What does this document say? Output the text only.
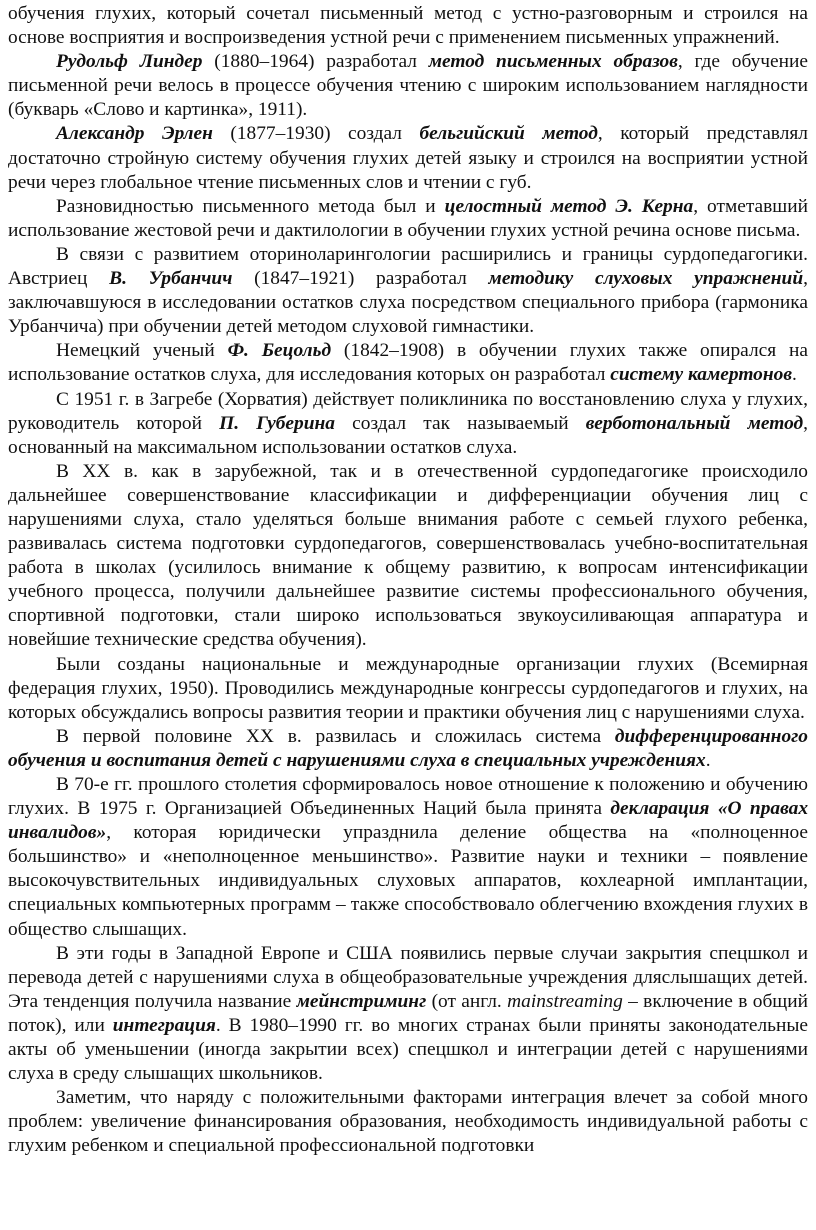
обучения глухих, который сочетал письменный метод с устно-разговорным и строился на основе восприятия и воспроизведения устной речи с применением письменных упражнений.

Рудольф Линдер (1880–1964) разработал метод письменных образов, где обучение письменной речи велось в процессе обучения чтению с широким использованием наглядности (букварь «Слово и картинка», 1911).

Александр Эрлен (1877–1930) создал бельгийский метод, который представлял достаточно стройную систему обучения глухих детей языку и строился на восприятии устной речи через глобальное чтение письменных слов и чтении с губ.

Разновидностью письменного метода был и целостный метод Э. Керна, отметавший использование жестовой речи и дактилологии в обучении глухих устной речина основе письма.

В связи с развитием оториноларингологии расширились и границы сурдопедагогики. Австриец В. Урбанчич (1847–1921) разработал методику слуховых упражнений, заключавшуюся в исследовании остатков слуха посредством специального прибора (гармоника Урбанчича) при обучении детей методом слуховой гимнастики.

Немецкий ученый Ф. Бецольд (1842–1908) в обучении глухих также опирался на использование остатков слуха, для исследования которых он разработал систему камертонов.

С 1951 г. в Загребе (Хорватия) действует поликлиника по восстановлению слуха у глухих, руководитель которой П. Губерина создал так называемый верботональный метод, основанный на максимальном использовании остатков слуха.

В XX в. как в зарубежной, так и в отечественной сурдопедагогике происходило дальнейшее совершенствование классификации и дифференциации обучения лиц с нарушениями слуха, стало уделяться больше внимания работе с семьей глухого ребенка, развивалась система подготовки сурдопедагогов, совершенствовалась учебно-воспитательная работа в школах (усилилось внимание к общему развитию, к вопросам интенсификации учебного процесса, получили дальнейшее развитие системы профессионального обучения, спортивной подготовки, стали широко использоваться звукоусиливающая аппаратура и новейшие технические средства обучения).

Были созданы национальные и международные организации глухих (Всемирная федерация глухих, 1950). Проводились международные конгрессы сурдопедагогов и глухих, на которых обсуждались вопросы развития теории и практики обучения лиц с нарушениями слуха.

В первой половине XX в. развилась и сложилась система дифференцированного обучения и воспитания детей с нарушениями слуха в специальных учреждениях.

В 70-е гг. прошлого столетия сформировалось новое отношение к положению и обучению глухих. В 1975 г. Организацией Объединенных Наций была принята декларация «О правах инвалидов», которая юридически упразднила деление общества на «полноценное большинство» и «неполноценное меньшинство». Развитие науки и техники – появление высокочувствительных индивидуальных слуховых аппаратов, кохлеарной имплантации, специальных компьютерных программ – также способствовало облегчению вхождения глухих в общество слышащих.

В эти годы в Западной Европе и США появились первые случаи закрытия спецшкол и перевода детей с нарушениями слуха в общеобразовательные учреждения дляслышащих детей. Эта тенденция получила название мейнстриминг (от англ. mainstreaming – включение в общий поток), или интеграция. В 1980–1990 гг. во многих странах были приняты законодательные акты об уменьшении (иногда закрытии всех) спецшкол и интеграции детей с нарушениями слуха в среду слышащих школьников.

Заметим, что наряду с положительными факторами интеграция влечет за собой много проблем: увеличение финансирования образования, необходимость индивидуальной работы с глухим ребенком и специальной профессиональной подготовки
